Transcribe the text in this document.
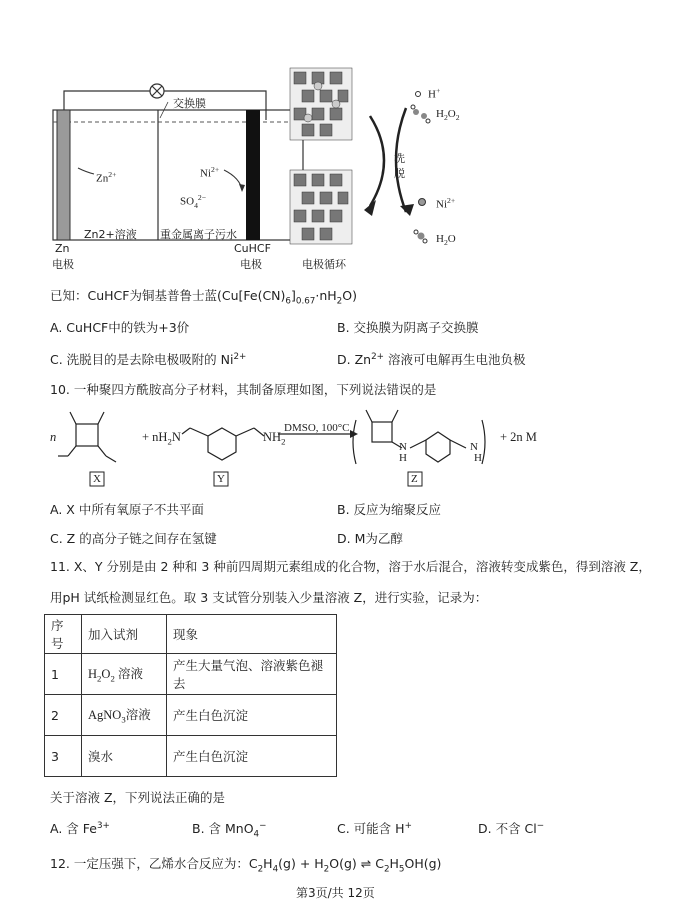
交换膜
$Zn^{2+}$	$Ni^{2+}$
$SO_4^{2-}$
Zn2+溶液 重金属离子污水
Zn
电极
CuHCF
电极	电极循环
洗
脱
H+
$H_2O_2$
$Ni^{2+}$
$H_2O$
已知：CuHCF为铜基普鲁士蓝$(Cu[Fe(CN)_6]_{0.67}\cdot nH_2O)$
A. CuHCF中的铁为+3价	B. 交换膜为阴离子交换膜
C. 洗脱目的是去除电极吸附的 $Ni^{2+}$	D. $Zn^{2+}$ 溶液可电解再生电池负极
10. 一种聚四方酰胺高分子材料，其制备原理如图，下列说法错误的是
n	+ $nH_2N$	$NH_2$
DMSO, 100°C
N
H
N
H
+ 2n M
X	Y	Z
A. X 中所有氧原子不共平面	B. 反应为缩聚反应
C. Z 的高分子链之间存在氢键	D. M为乙醇
11. X、Y 分别是由 2 种和 3 种前四周期元素组成的化合物，溶于水后混合，溶液转变成紫色，得到溶液 Z，
用pH 试纸检测显红色。取 3 支试管分别装入少量溶液 Z，进行实验，记录为：
序号	加入试剂	现象
1	$H_2O_2$ 溶液	产生大量气泡、溶液紫色褪去
2	AgNO$_3$溶液	产生白色沉淀
3	溴水	产生白色沉淀
关于溶液 Z，下列说法正确的是
A. 含 $Fe^{3+}$	B. 含 MnO$_4$−	C. 可能含 H+	D. 不含 Cl−
12. 一定压强下，乙烯水合反应为：$C_2H_4(g) + H_2O(g)$ ⇌ $C_2H_5OH(g)$
第3页/共 12页
